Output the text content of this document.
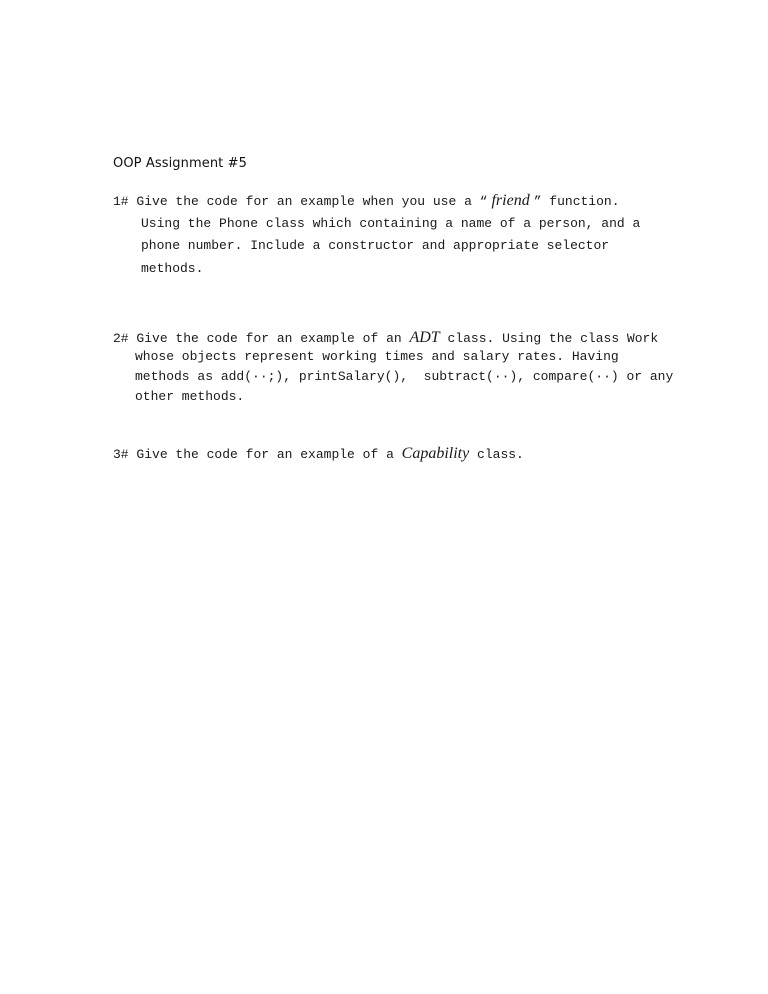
OOP Assignment #5

1# Give the code for an example when you use a “ friend ” function.

Using the Phone class which containing a name of a person, and a

phone number. Include a constructor and appropriate selector

methods.

2# Give the code for an example of an ADT class. Using the class Work

whose objects represent working times and salary rates. Having

methods as add(··;), printSalary(),  subtract(··), compare(··) or any

other methods.

3# Give the code for an example of a Capability class.
